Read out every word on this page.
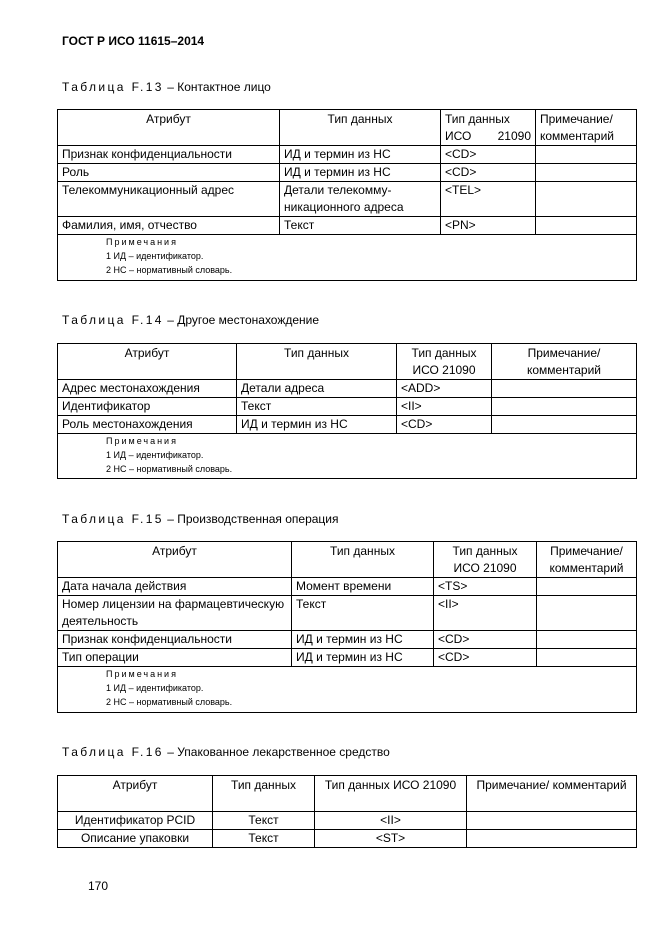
ГОСТ Р ИСО 11615–2014
Таблица F.13 – Контактное лицо
Атрибут	Тип данных	Тип данных ИСО 21090	Примечание/ комментарий
Признак конфиденциальности	ИД и термин из НС	<CD>	
Роль	ИД и термин из НС	<CD>	
Телекоммуникационный адрес	Детали телекомму-никационного адреса	<TEL>	
Фамилия, имя, отчество	Текст	<PN>	

Примечания
1 ИД – идентификатор.
2 НС – нормативный словарь.			
Таблица F.14 – Другое местонахождение
Атрибут	Тип данных	Тип данных ИСО 21090	Примечание/ комментарий
Адрес местонахождения	Детали адреса	<ADD>	
Идентификатор	Текст	<II>	
Роль местонахождения	ИД и термин из НС	<CD>	

Примечания
1 ИД – идентификатор.
2 НС – нормативный словарь.			
Таблица F.15 – Производственная операция
Атрибут	Тип данных	Тип данных ИСО 21090	Примечание/ комментарий
Дата начала действия	Момент времени	<TS>	
Номер лицензии на фармацевтическую деятельность	Текст	<II>	
Признак конфиденциальности	ИД и термин из НС	<CD>	
Тип операции	ИД и термин из НС	<CD>	

Примечания
1 ИД – идентификатор.
2 НС – нормативный словарь.			
Таблица F.16 – Упакованное лекарственное средство
Атрибут	Тип данных	Тип данных ИСО 21090	Примечание/ комментарий
Идентификатор PCID	Текст	<II>	
Описание упаковки	Текст	<ST>	
170
